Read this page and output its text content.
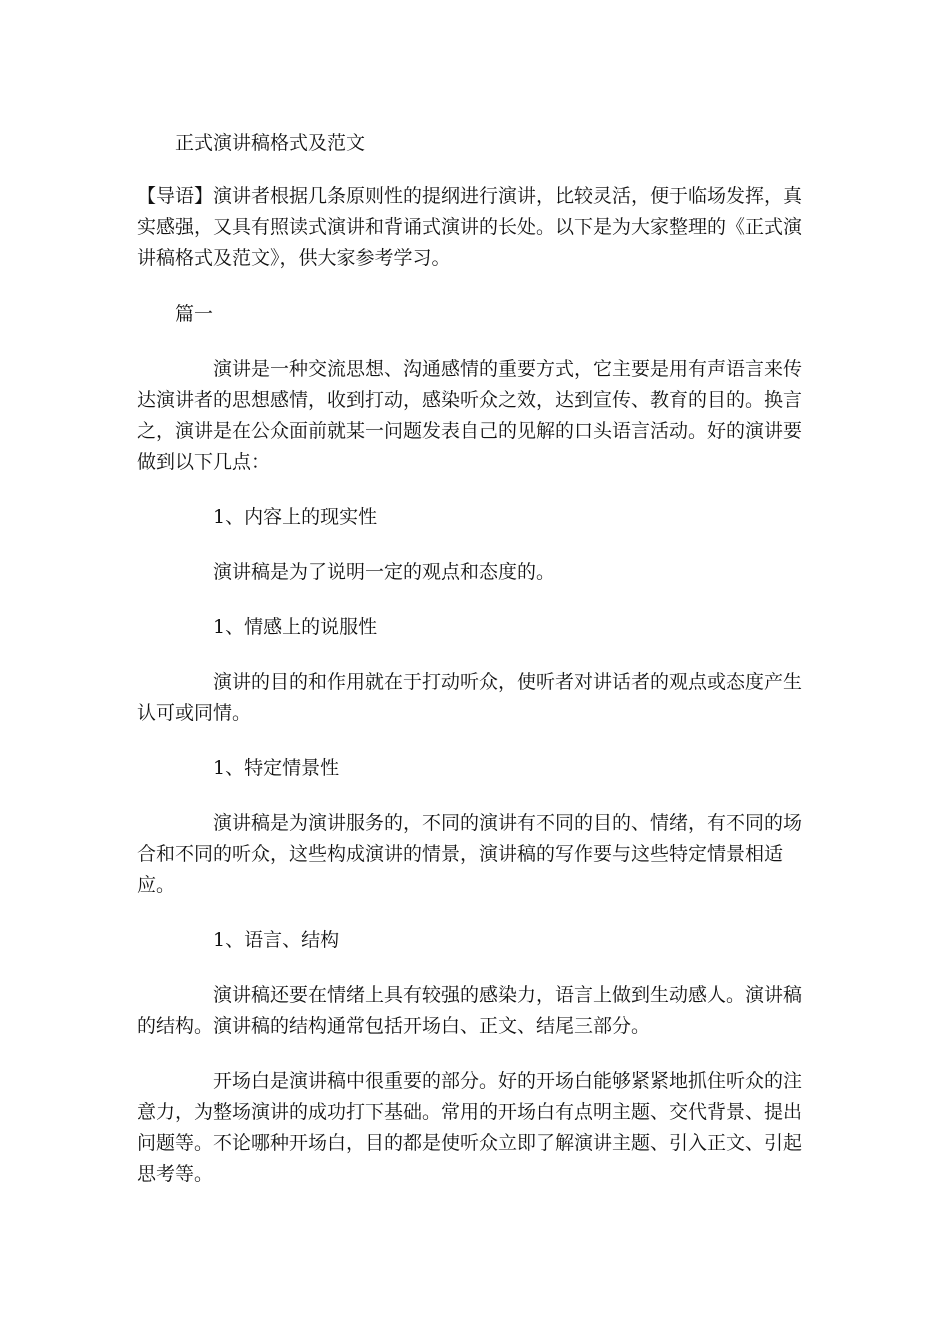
正式演讲稿格式及范文

【导语】演讲者根据几条原则性的提纲进行演讲，比较灵活，便于临场发挥，真实感强，又具有照读式演讲和背诵式演讲的长处。以下是为大家整理的《正式演讲稿格式及范文》，供大家参考学习。

篇一

演讲是一种交流思想、沟通感情的重要方式，它主要是用有声语言来传达演讲者的思想感情，收到打动，感染听众之效，达到宣传、教育的目的。换言之，演讲是在公众面前就某一问题发表自己的见解的口头语言活动。好的演讲要做到以下几点：

1、内容上的现实性

演讲稿是为了说明一定的观点和态度的。

1、情感上的说服性

演讲的目的和作用就在于打动听众，使听者对讲话者的观点或态度产生认可或同情。

1、特定情景性

演讲稿是为演讲服务的，不同的演讲有不同的目的、情绪，有不同的场合和不同的听众，这些构成演讲的情景，演讲稿的写作要与这些特定情景相适应。

1、语言、结构

演讲稿还要在情绪上具有较强的感染力，语言上做到生动感人。演讲稿的结构。演讲稿的结构通常包括开场白、正文、结尾三部分。

开场白是演讲稿中很重要的部分。好的开场白能够紧紧地抓住听众的注意力，为整场演讲的成功打下基础。常用的开场白有点明主题、交代背景、提出问题等。不论哪种开场白，目的都是使听众立即了解演讲主题、引入正文、引起思考等。
